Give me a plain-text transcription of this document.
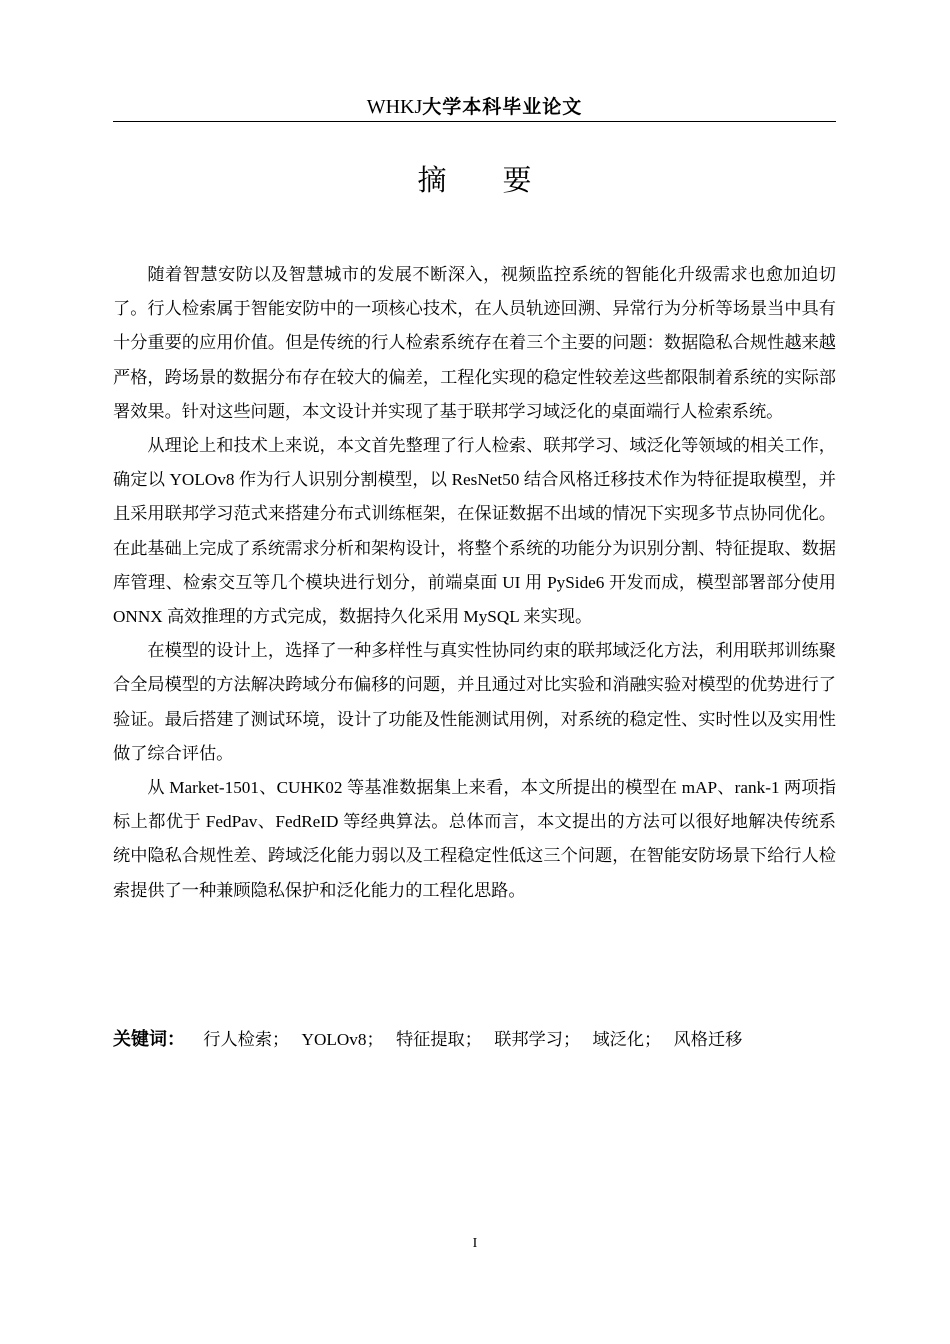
WHKJ大学本科毕业论文
摘要

随着智慧安防以及智慧城市的发展不断深入，视频监控系统的智能化升级需求也愈加迫切了。行人检索属于智能安防中的一项核心技术，在人员轨迹回溯、异常行为分析等场景当中具有十分重要的应用价值。但是传统的行人检索系统存在着三个主要的问题：数据隐私合规性越来越严格，跨场景的数据分布存在较大的偏差，工程化实现的稳定性较差这些都限制着系统的实际部署效果。针对这些问题，本文设计并实现了基于联邦学习域泛化的桌面端行人检索系统。

从理论上和技术上来说，本文首先整理了行人检索、联邦学习、域泛化等领域的相关工作，确定以 YOLOv8 作为行人识别分割模型，以 ResNet50 结合风格迁移技术作为特征提取模型，并且采用联邦学习范式来搭建分布式训练框架，在保证数据不出域的情况下实现多节点协同优化。在此基础上完成了系统需求分析和架构设计，将整个系统的功能分为识别分割、特征提取、数据库管理、检索交互等几个模块进行划分，前端桌面 UI 用 PySide6 开发而成，模型部署部分使用 ONNX 高效推理的方式完成，数据持久化采用 MySQL 来实现。

在模型的设计上，选择了一种多样性与真实性协同约束的联邦域泛化方法，利用联邦训练聚合全局模型的方法解决跨域分布偏移的问题，并且通过对比实验和消融实验对模型的优势进行了验证。最后搭建了测试环境，设计了功能及性能测试用例，对系统的稳定性、实时性以及实用性做了综合评估。

从 Market-1501、CUHK02 等基准数据集上来看，本文所提出的模型在 mAP、rank-1 两项指标上都优于 FedPav、FedReID 等经典算法。总体而言，本文提出的方法可以很好地解决传统系统中隐私合规性差、跨域泛化能力弱以及工程稳定性低这三个问题，在智能安防场景下给行人检索提供了一种兼顾隐私保护和泛化能力的工程化思路。

关键词： 行人检索； YOLOv8； 特征提取； 联邦学习； 域泛化； 风格迁移
I
